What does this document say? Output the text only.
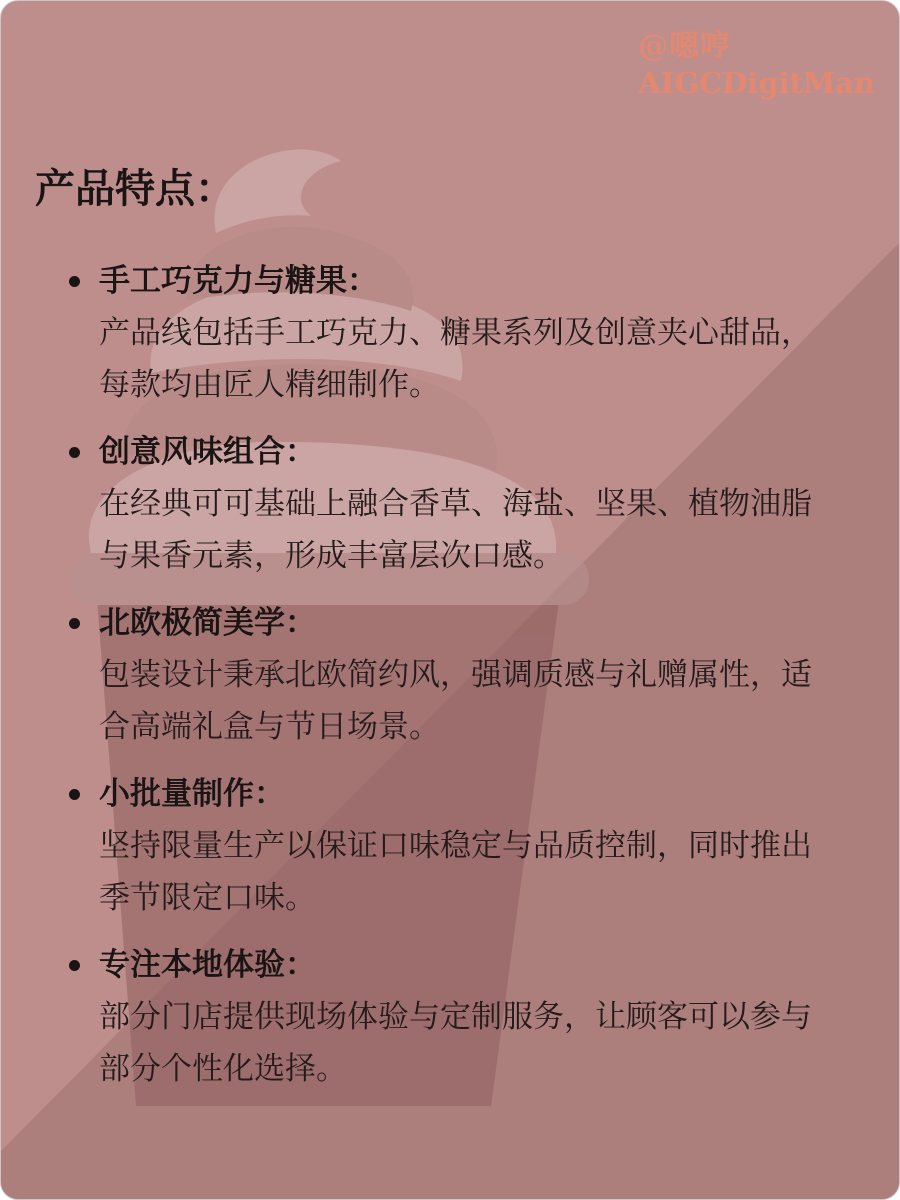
@嗯哼
AIGCDigitMan
产品特点：
手工巧克力与糖果：
产品线包括手工巧克力、糖果系列及创意夹心甜品，每款均由匠人精细制作。
创意风味组合：
在经典可可基础上融合香草、海盐、坚果、植物油脂与果香元素，形成丰富层次口感。
北欧极简美学：
包装设计秉承北欧简约风，强调质感与礼赠属性，适合高端礼盒与节日场景。
小批量制作：
坚持限量生产以保证口味稳定与品质控制，同时推出季节限定口味。
专注本地体验：
部分门店提供现场体验与定制服务，让顾客可以参与部分个性化选择。
